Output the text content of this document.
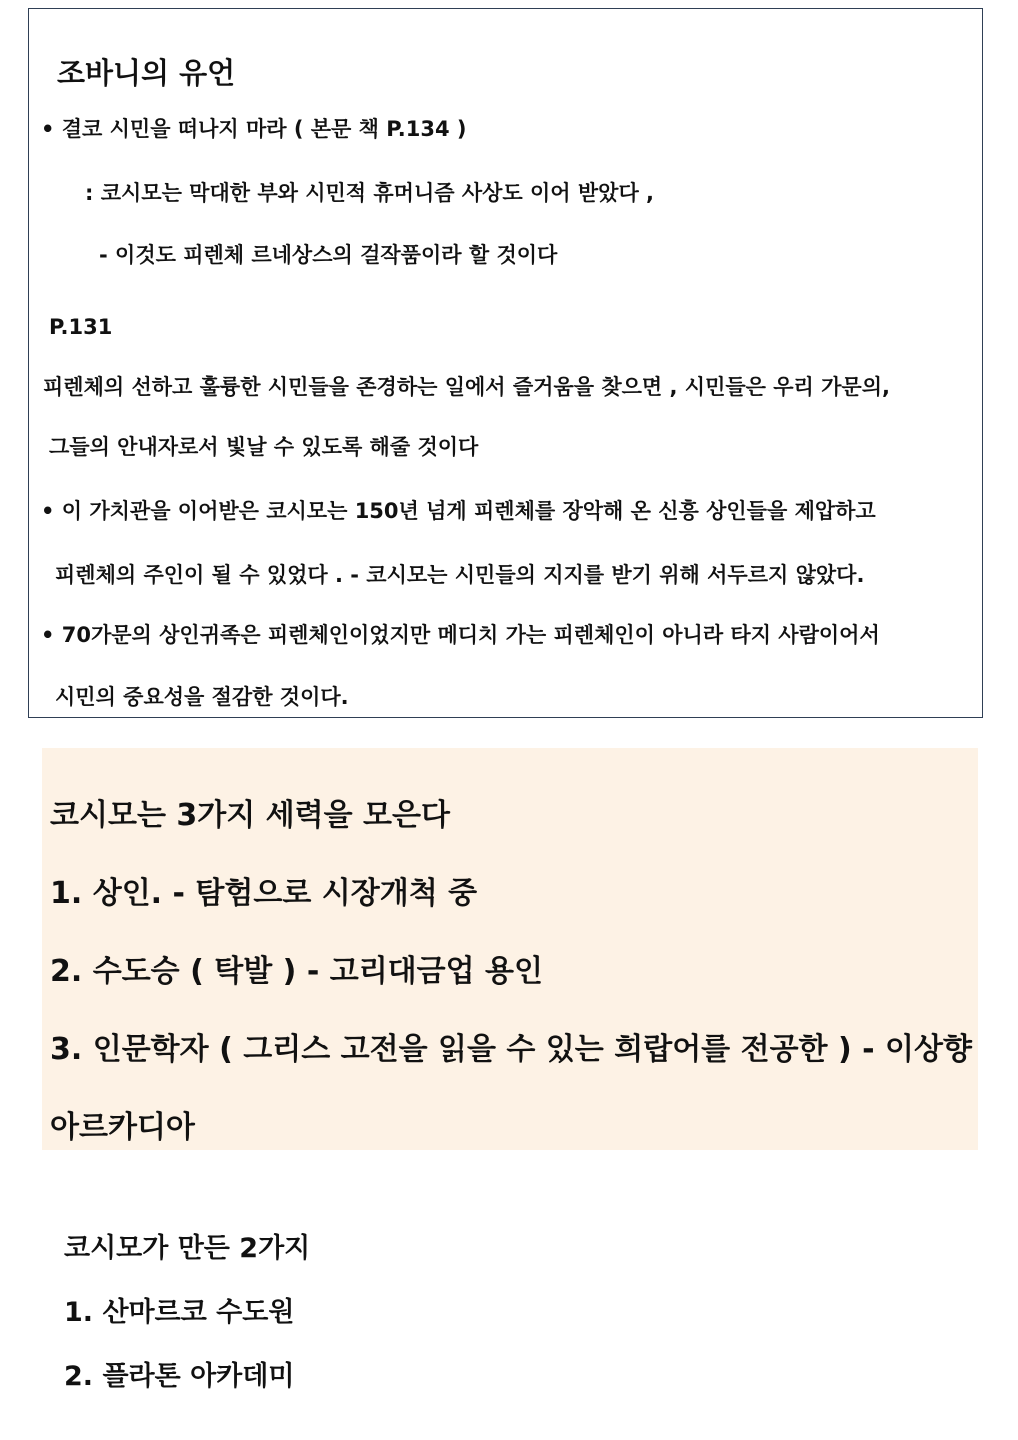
조바니의 유언
• 결코 시민을 떠나지 마라 ( 본문 책 P.134 )
: 코시모는 막대한 부와 시민적 휴머니즘 사상도 이어 받았다 ,
- 이것도 피렌체 르네상스의 걸작품이라 할 것이다
P.131
피렌체의 선하고 훌륭한 시민들을 존경하는 일에서 즐거움을 찾으면 , 시민들은 우리 가문의,
그들의 안내자로서 빛날 수 있도록 해줄 것이다
• 이 가치관을 이어받은 코시모는 150년 넘게 피렌체를 장악해 온 신흥 상인들을 제압하고
피렌체의 주인이 될 수 있었다 . - 코시모는 시민들의 지지를 받기 위해 서두르지 않았다.
• 70가문의 상인귀족은 피렌체인이었지만 메디치 가는 피렌체인이 아니라 타지 사람이어서
시민의 중요성을 절감한 것이다.
코시모는 3가지 세력을 모은다
1. 상인. - 탐험으로 시장개척 중
2. 수도승 ( 탁발 ) - 고리대금업 용인
3. 인문학자 ( 그리스 고전을 읽을 수 있는 희랍어를 전공한 ) - 이상향
아르카디아
코시모가 만든 2가지
1. 산마르코 수도원
2. 플라톤 아카데미
